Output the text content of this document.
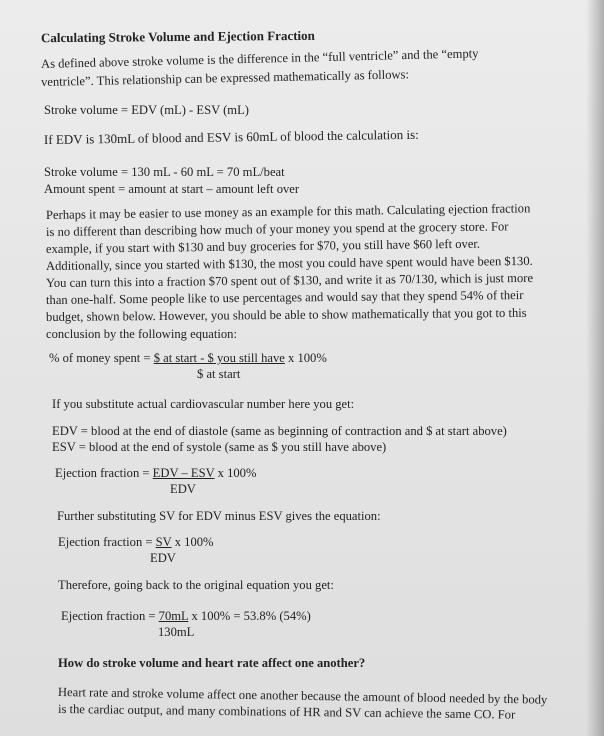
Calculating Stroke Volume and Ejection Fraction
As defined above stroke volume is the difference in the “full ventricle” and the “empty
ventricle”. This relationship can be expressed mathematically as follows:
Stroke volume = EDV (mL) - ESV (mL)
If EDV is 130mL of blood and ESV is 60mL of blood the calculation is:
Stroke volume = 130 mL - 60 mL = 70 mL/beat
Amount spent = amount at start – amount left over
Perhaps it may be easier to use money as an example for this math. Calculating ejection fraction
is no different than describing how much of your money you spend at the grocery store. For
example, if you start with $130 and buy groceries for $70, you still have $60 left over.
Additionally, since you started with $130, the most you could have spent would have been $130.
You can turn this into a fraction $70 spent out of $130, and write it as 70/130, which is just more
than one-half. Some people like to use percentages and would say that they spend 54% of their
budget, shown below. However, you should be able to show mathematically that you got to this
conclusion by the following equation:
% of money spent = $ at start - $ you still have x 100%
$ at start
If you substitute actual cardiovascular number here you get:
EDV = blood at the end of diastole (same as beginning of contraction and $ at start above)
ESV = blood at the end of systole (same as $ you still have above)
Ejection fraction = EDV – ESV x 100%
EDV
Further substituting SV for EDV minus ESV gives the equation:
Ejection fraction = SV x 100%
EDV
Therefore, going back to the original equation you get:
Ejection fraction = 70mL x 100% = 53.8% (54%)
130mL
How do stroke volume and heart rate affect one another?
Heart rate and stroke volume affect one another because the amount of blood needed by the body
is the cardiac output, and many combinations of HR and SV can achieve the same CO. For
